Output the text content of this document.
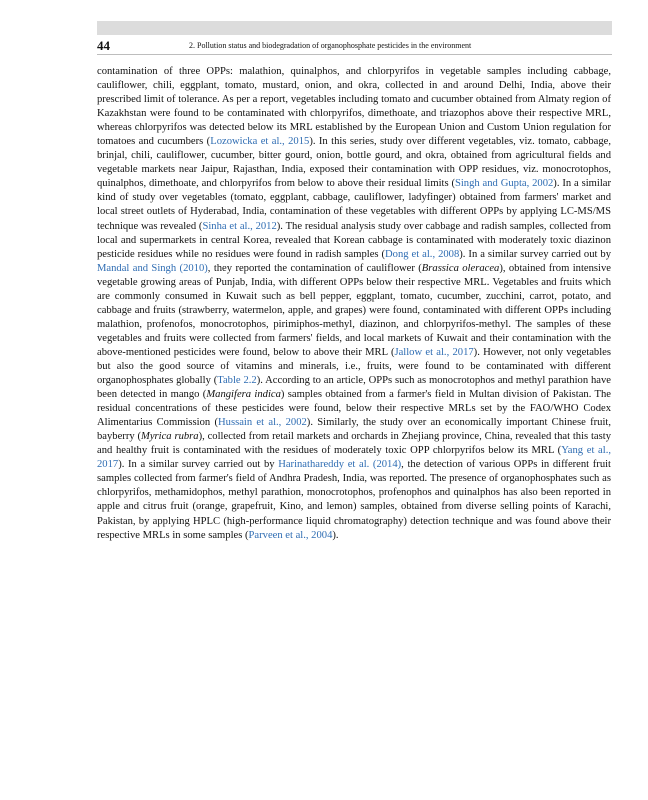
44	2. Pollution status and biodegradation of organophosphate pesticides in the environment

contamination of three OPPs: malathion, quinalphos, and chlorpyrifos in vegetable samples including cabbage, cauliflower, chili, eggplant, tomato, mustard, onion, and okra, collected in and around Delhi, India, above their prescribed limit of tolerance. As per a report, vegetables including tomato and cucumber obtained from Almaty region of Kazakhstan were found to be contaminated with chlorpyrifos, dimethoate, and triazophos above their respective MRL, whereas chlorpyrifos was detected below its MRL established by the European Union and Custom Union regulation for tomatoes and cucumbers (Lozowicka et al., 2015). In this series, study over different vegetables, viz. tomato, cabbage, brinjal, chili, cauliflower, cucumber, bitter gourd, onion, bottle gourd, and okra, obtained from agricultural fields and vegetable markets near Jaipur, Rajasthan, India, exposed their contamination with OPP residues, viz. monocrotophos, quinalphos, dimethoate, and chlorpyrifos from below to above their residual limits (Singh and Gupta, 2002). In a similar kind of study over vegetables (tomato, eggplant, cabbage, cauliflower, ladyfinger) obtained from farmers' market and local street outlets of Hyderabad, India, contamination of these vegetables with different OPPs by applying LC-MS/MS technique was revealed (Sinha et al., 2012). The residual analysis study over cabbage and radish samples, collected from local and supermarkets in central Korea, revealed that Korean cabbage is contaminated with moderately toxic diazinon pesticide residues while no residues were found in radish samples (Dong et al., 2008). In a similar survey carried out by Mandal and Singh (2010), they reported the contamination of cauliflower (Brassica oleracea), obtained from intensive vegetable growing areas of Punjab, India, with different OPPs below their respective MRL. Vegetables and fruits which are commonly consumed in Kuwait such as bell pepper, eggplant, tomato, cucumber, zucchini, carrot, potato, and cabbage and fruits (strawberry, watermelon, apple, and grapes) were found, contaminated with different OPPs including malathion, profenofos, monocrotophos, pirimiphos-methyl, diazinon, and chlorpyrifos-methyl. The samples of these vegetables and fruits were collected from farmers' fields, and local markets of Kuwait and their contamination with the above-mentioned pesticides were found, below to above their MRL (Jallow et al., 2017). However, not only vegetables but also the good source of vitamins and minerals, i.e., fruits, were found to be contaminated with different organophosphates globally (Table 2.2). According to an article, OPPs such as monocrotophos and methyl parathion have been detected in mango (Mangifera indica) samples obtained from a farmer's field in Multan division of Pakistan. The residual concentrations of these pesticides were found, below their respective MRLs set by the FAO/WHO Codex Alimentarius Commission (Hussain et al., 2002). Similarly, the study over an economically important Chinese fruit, bayberry (Myrica rubra), collected from retail markets and orchards in Zhejiang province, China, revealed that this tasty and healthy fruit is contaminated with the residues of moderately toxic OPP chlorpyrifos below its MRL (Yang et al., 2017). In a similar survey carried out by Harinathareddy et al. (2014), the detection of various OPPs in different fruit samples collected from farmer's field of Andhra Pradesh, India, was reported. The presence of organophosphates such as chlorpyrifos, methamidophos, methyl parathion, monocrotophos, profenophos and quinalphos has also been reported in apple and citrus fruit (orange, grapefruit, Kino, and lemon) samples, obtained from diverse selling points of Karachi, Pakistan, by applying HPLC (high-performance liquid chromatography) detection technique and was found above their respective MRLs in some samples (Parveen et al., 2004).
